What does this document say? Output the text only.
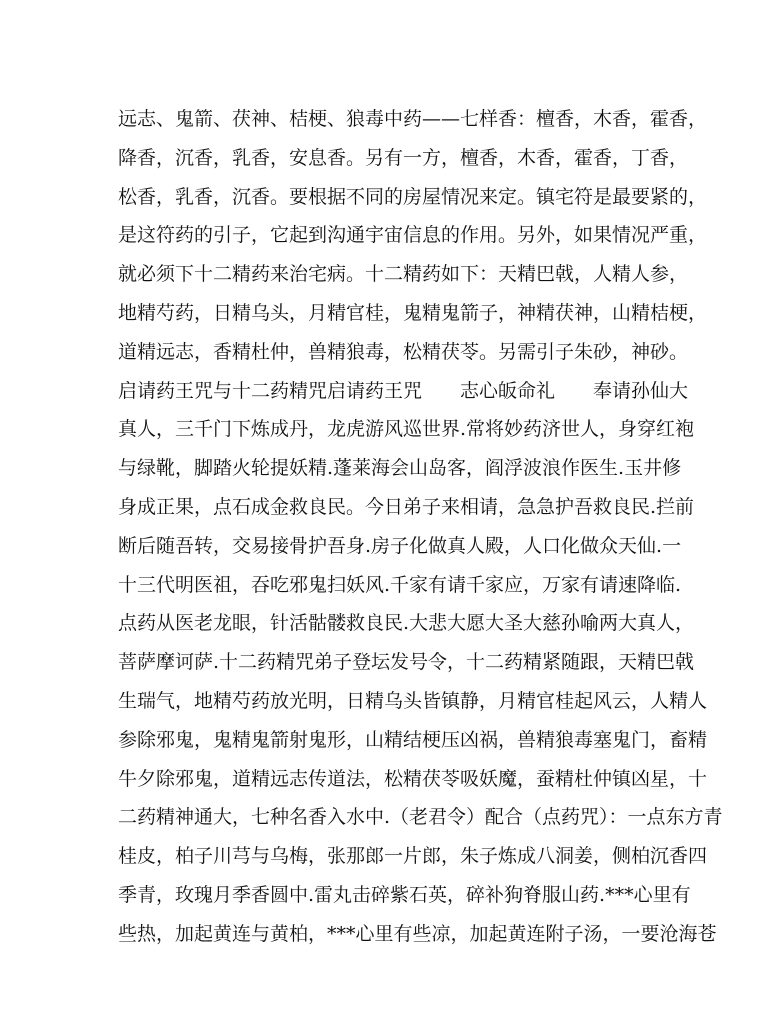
远志、鬼箭、茯神、桔梗、狼毒中药——七样香：檀香，木香，霍香，
降香，沉香，乳香，安息香。另有一方，檀香，木香，霍香，丁香，
松香，乳香，沉香。要根据不同的房屋情况来定。镇宅符是最要紧的，
是这符药的引子，它起到沟通宇宙信息的作用。另外，如果情况严重，
就必须下十二精药来治宅病。十二精药如下：天精巴戟，人精人参，
地精芍药，日精乌头，月精官桂，鬼精鬼箭子，神精茯神，山精桔梗，
道精远志，香精杜仲，兽精狼毒，松精茯苓。另需引子朱砂，神砂。
启请药王咒与十二药精咒启请药王咒　　志心皈命礼　　奉请孙仙大
真人，三千门下炼成丹，龙虎游风巡世界.常将妙药济世人，身穿红袍
与绿靴，脚踏火轮提妖精.蓬莱海会山岛客，阎浮波浪作医生.玉井修
身成正果，点石成金救良民。今日弟子来相请，急急护吾救良民.拦前
断后随吾转，交易接骨护吾身.房子化做真人殿，人口化做众天仙.一
十三代明医祖，吞吃邪鬼扫妖风.千家有请千家应，万家有请速降临.
点药从医老龙眼，针活骷髅救良民.大悲大愿大圣大慈孙喻两大真人，
菩萨摩诃萨.十二药精咒弟子登坛发号令，十二药精紧随跟，天精巴戟
生瑞气，地精芍药放光明，日精乌头皆镇静，月精官桂起风云，人精人
参除邪鬼，鬼精鬼箭射鬼形，山精结梗压凶祸，兽精狼毒塞鬼门，畜精
牛夕除邪鬼，道精远志传道法，松精茯苓吸妖魔，蚕精杜仲镇凶星，十
二药精神通大，七种名香入水中.（老君令）配合（点药咒）：一点东方青
桂皮，柏子川芎与乌梅，张那郎一片郎，朱子炼成八洞姜，侧柏沉香四
季青，玫瑰月季香圆中.雷丸击碎紫石英，碎补狗脊服山药.***心里有
些热，加起黄连与黄柏，***心里有些凉，加起黄连附子汤，一要沧海苍
